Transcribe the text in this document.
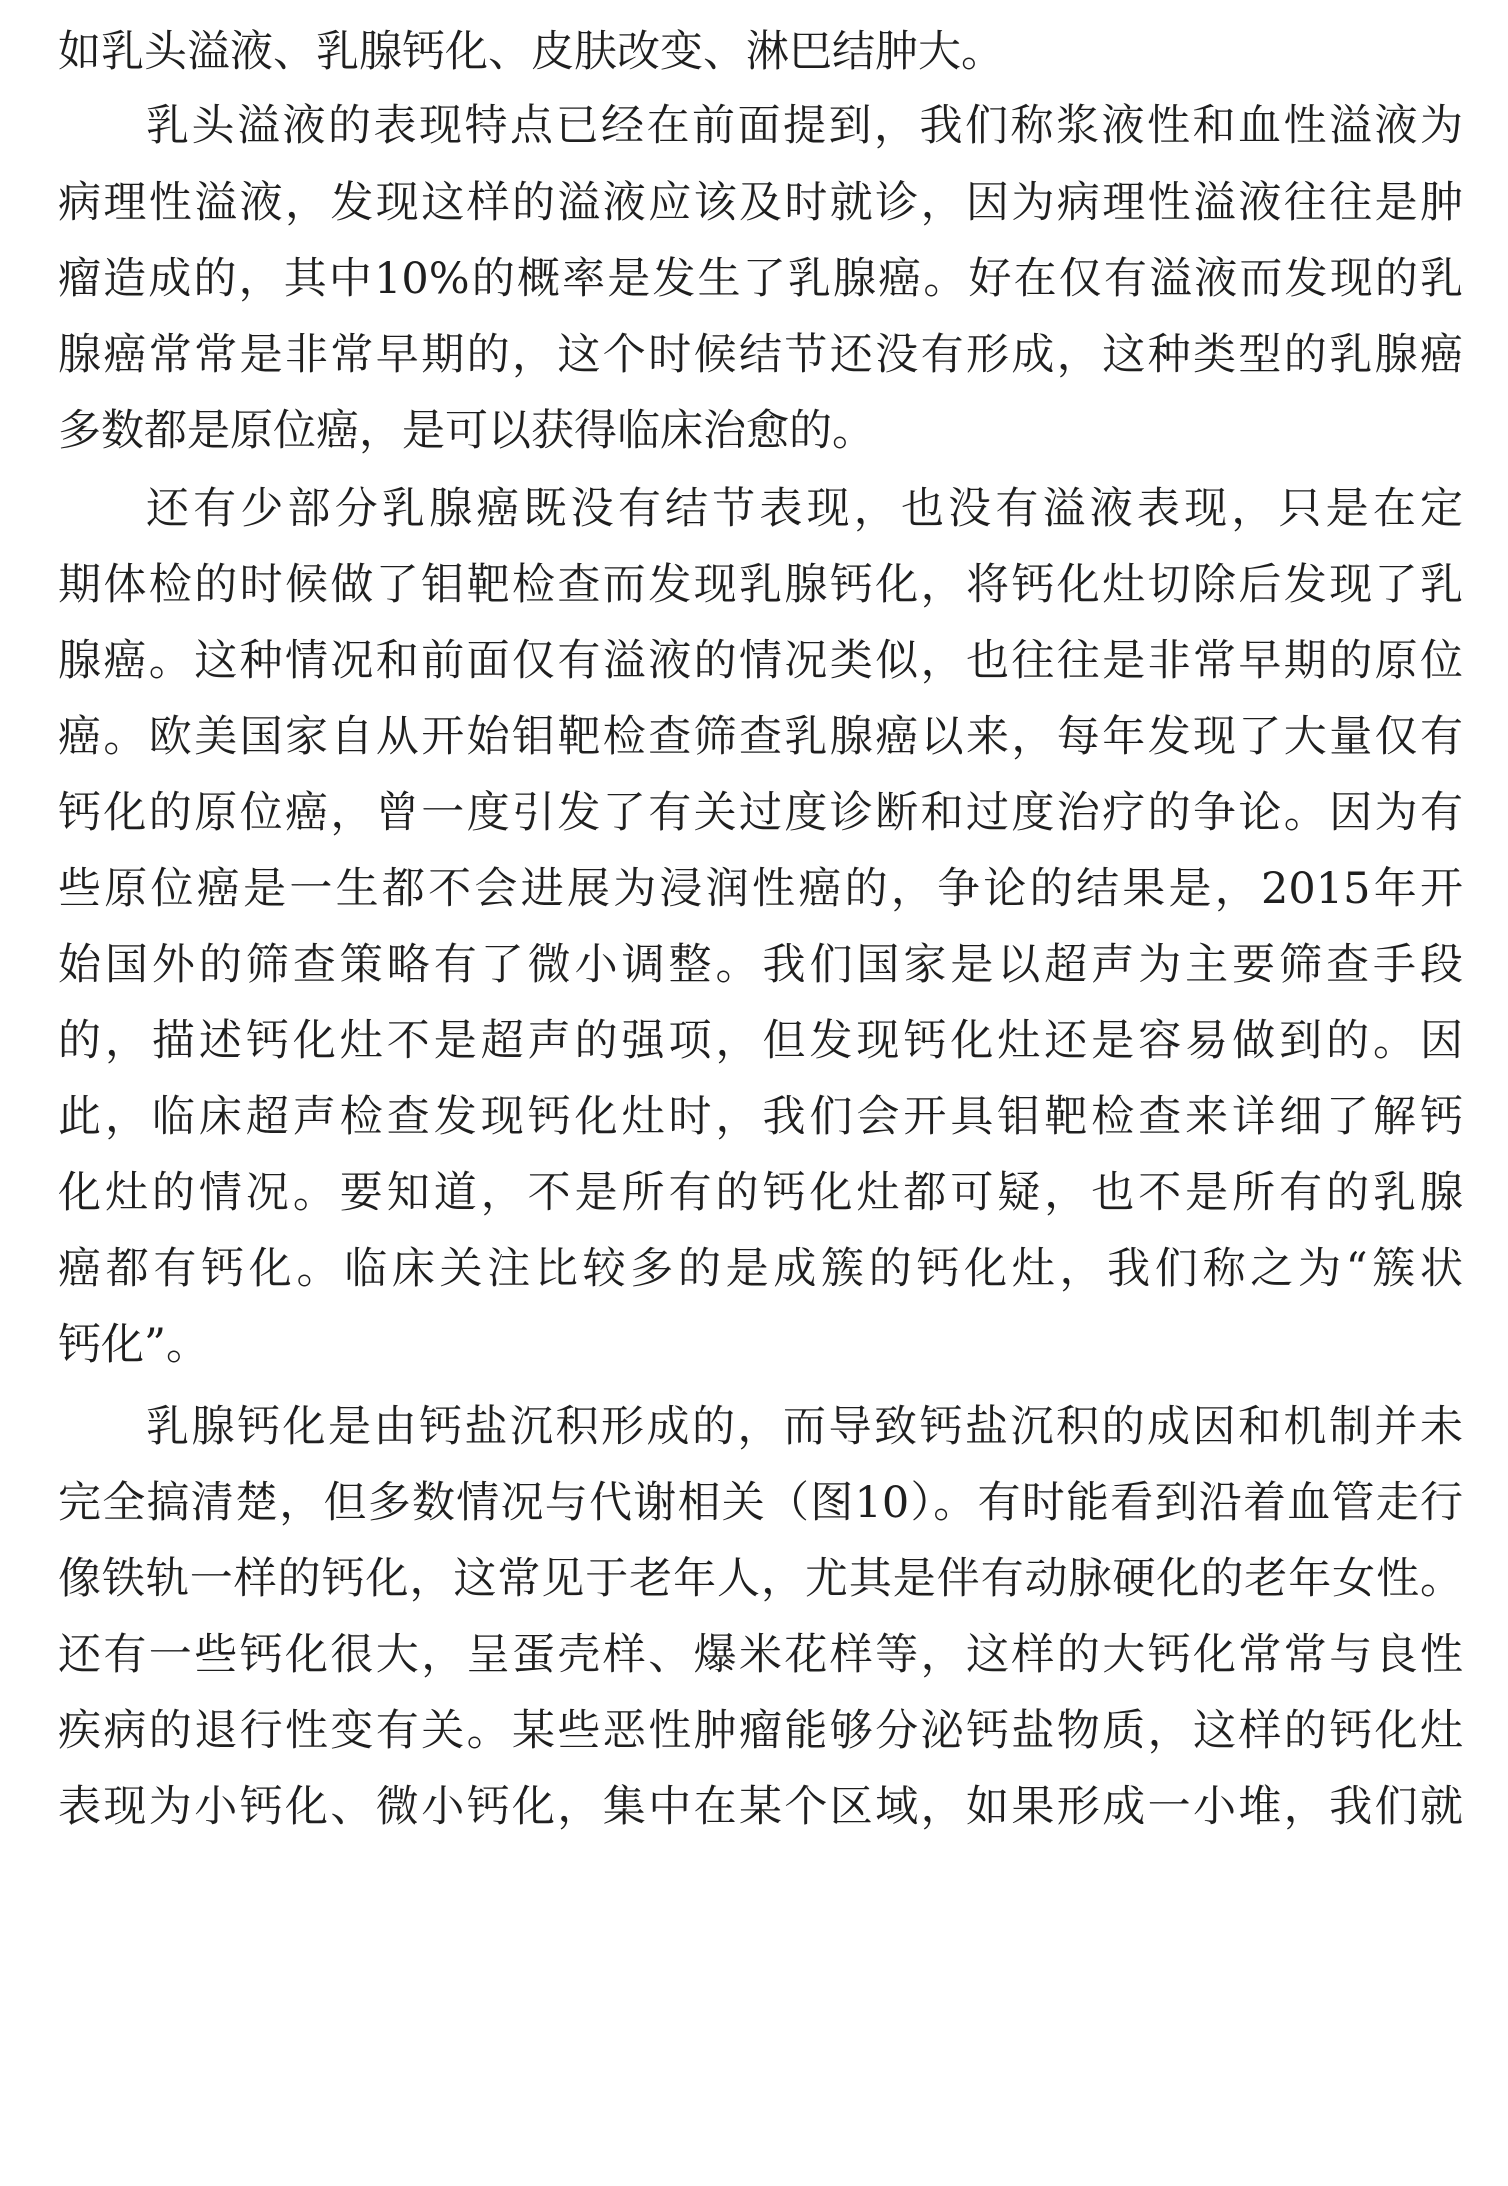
如乳头溢液、乳腺钙化、皮肤改变、淋巴结肿大。
乳头溢液的表现特点已经在前面提到，我们称浆液性和血性溢液为
病理性溢液，发现这样的溢液应该及时就诊，因为病理性溢液往往是肿
瘤造成的，其中10%的概率是发生了乳腺癌。好在仅有溢液而发现的乳
腺癌常常是非常早期的，这个时候结节还没有形成，这种类型的乳腺癌
多数都是原位癌，是可以获得临床治愈的。
还有少部分乳腺癌既没有结节表现，也没有溢液表现，只是在定
期体检的时候做了钼靶检查而发现乳腺钙化，将钙化灶切除后发现了乳
腺癌。这种情况和前面仅有溢液的情况类似，也往往是非常早期的原位
癌。欧美国家自从开始钼靶检查筛查乳腺癌以来，每年发现了大量仅有
钙化的原位癌，曾一度引发了有关过度诊断和过度治疗的争论。因为有
些原位癌是一生都不会进展为浸润性癌的，争论的结果是，2015年开
始国外的筛查策略有了微小调整。我们国家是以超声为主要筛查手段
的，描述钙化灶不是超声的强项，但发现钙化灶还是容易做到的。因
此，临床超声检查发现钙化灶时，我们会开具钼靶检查来详细了解钙
化灶的情况。要知道，不是所有的钙化灶都可疑，也不是所有的乳腺
癌都有钙化。临床关注比较多的是成簇的钙化灶，我们称之为“簇状
钙化”。
乳腺钙化是由钙盐沉积形成的，而导致钙盐沉积的成因和机制并未
完全搞清楚，但多数情况与代谢相关（图10）。有时能看到沿着血管走行
像铁轨一样的钙化，这常见于老年人，尤其是伴有动脉硬化的老年女性。
还有一些钙化很大，呈蛋壳样、爆米花样等，这样的大钙化常常与良性
疾病的退行性变有关。某些恶性肿瘤能够分泌钙盐物质，这样的钙化灶
表现为小钙化、微小钙化，集中在某个区域，如果形成一小堆，我们就
